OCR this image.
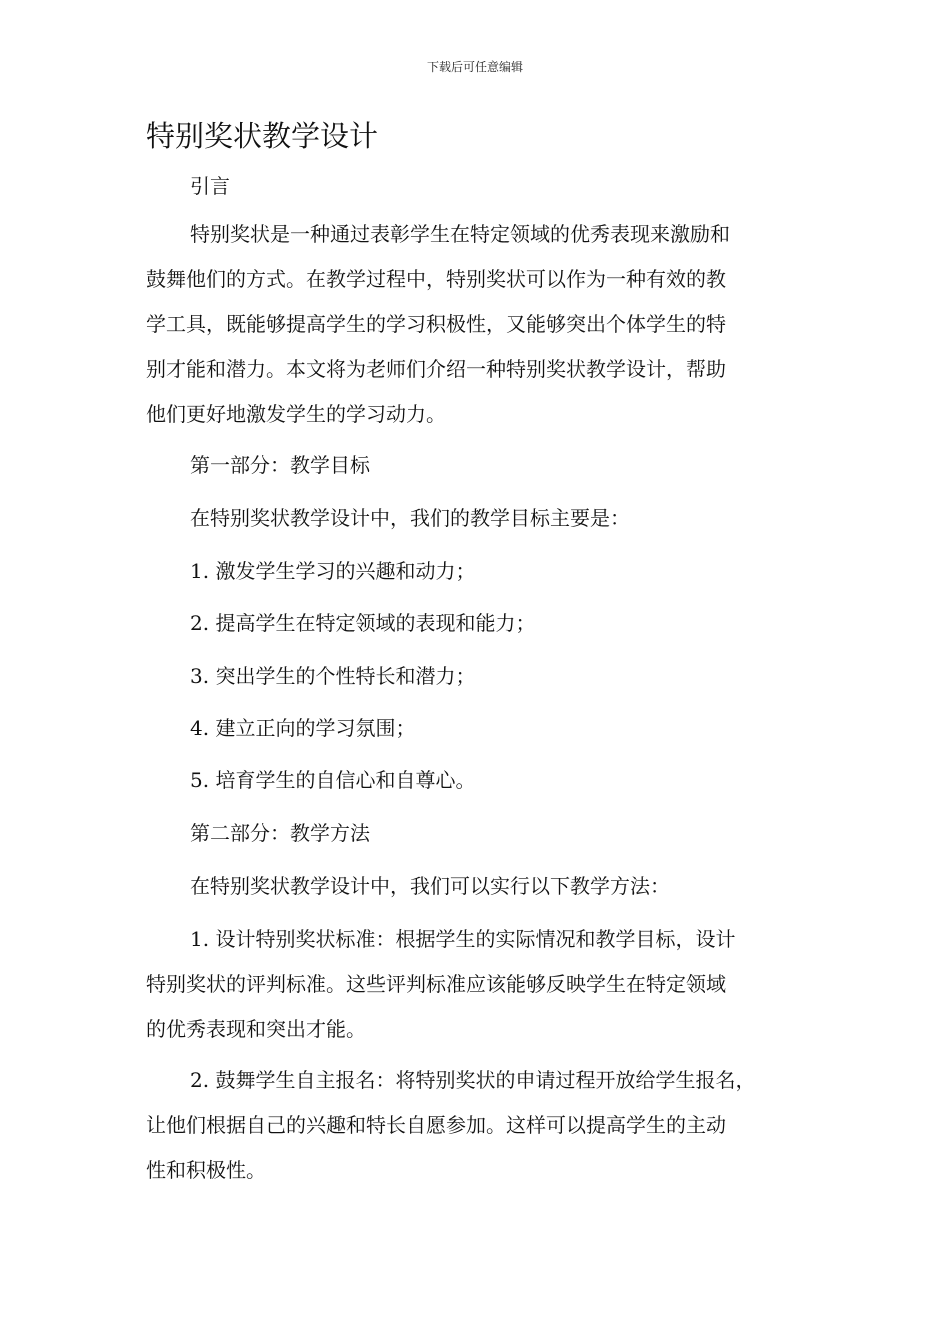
下载后可任意编辑
特别奖状教学设计

引言

特别奖状是一种通过表彰学生在特定领域的优秀表现来激励和

鼓舞他们的方式。在教学过程中，特别奖状可以作为一种有效的教

学工具，既能够提高学生的学习积极性，又能够突出个体学生的特

别才能和潜力。本文将为老师们介绍一种特别奖状教学设计，帮助

他们更好地激发学生的学习动力。

第一部分：教学目标

在特别奖状教学设计中，我们的教学目标主要是：

1. 激发学生学习的兴趣和动力；

2. 提高学生在特定领域的表现和能力；

3. 突出学生的个性特长和潜力；

4. 建立正向的学习氛围；

5. 培育学生的自信心和自尊心。

第二部分：教学方法

在特别奖状教学设计中，我们可以实行以下教学方法：

1. 设计特别奖状标准：根据学生的实际情况和教学目标，设计

特别奖状的评判标准。这些评判标准应该能够反映学生在特定领域

的优秀表现和突出才能。

2. 鼓舞学生自主报名：将特别奖状的申请过程开放给学生报名，

让他们根据自己的兴趣和特长自愿参加。这样可以提高学生的主动

性和积极性。
